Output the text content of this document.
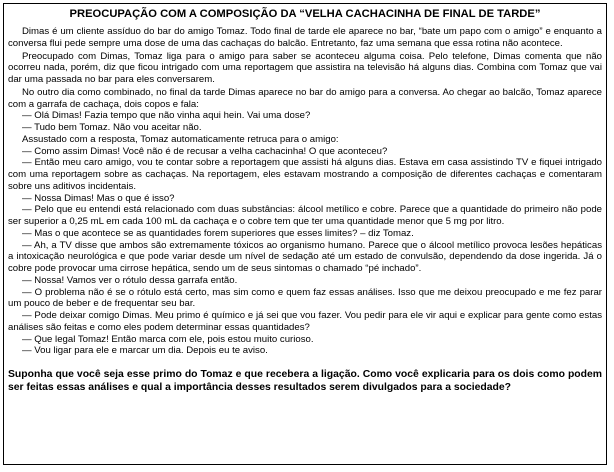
PREOCUPAÇÃO COM A COMPOSIÇÃO DA “VELHA CACHACINHA DE FINAL DE TARDE”

Dimas é um cliente assíduo do bar do amigo Tomaz. Todo final de tarde ele aparece no bar, “bate um papo com o amigo” e enquanto a conversa flui pede sempre uma dose de uma das cachaças do balcão. Entretanto, faz uma semana que essa rotina não acontece.

Preocupado com Dimas, Tomaz liga para o amigo para saber se aconteceu alguma coisa. Pelo telefone, Dimas comenta que não ocorreu nada, porém, diz que ficou intrigado com uma reportagem que assistira na televisão há alguns dias. Combina com Tomaz que vai dar uma passada no bar para eles conversarem.

No outro dia como combinado, no final da tarde Dimas aparece no bar do amigo para a conversa. Ao chegar ao balcão, Tomaz aparece com a garrafa de cachaça, dois copos e fala:

— Olá Dimas! Fazia tempo que não vinha aqui hein. Vai uma dose?

— Tudo bem Tomaz. Não vou aceitar não.

Assustado com a resposta, Tomaz automaticamente retruca para o amigo:

— Como assim Dimas! Você não é de recusar a velha cachacinha! O que aconteceu?

— Então meu caro amigo, vou te contar sobre a reportagem que assisti há alguns dias. Estava em casa assistindo TV e fiquei intrigado com uma reportagem sobre as cachaças. Na reportagem, eles estavam mostrando a composição de diferentes cachaças e comentaram sobre uns aditivos incidentais.

— Nossa Dimas! Mas o que é isso?

— Pelo que eu entendi está relacionado com duas substâncias: álcool metílico e cobre. Parece que a quantidade do primeiro não pode ser superior a 0,25 mL em cada 100 mL da cachaça e o cobre tem que ter uma quantidade menor que 5 mg por litro.

— Mas o que acontece se as quantidades forem superiores que esses limites? – diz Tomaz.

— Ah, a TV disse que ambos são extremamente tóxicos ao organismo humano. Parece que o álcool metílico provoca lesões hepáticas a intoxicação neurológica e que pode variar desde um nível de sedação até um estado de convulsão, dependendo da dose ingerida. Já o cobre pode provocar uma cirrose hepática, sendo um de seus sintomas o chamado “pé inchado”.

— Nossa! Vamos ver o rótulo dessa garrafa então.

— O problema não é se o rótulo está certo, mas sim como e quem faz essas análises. Isso que me deixou preocupado e me fez parar um pouco de beber e de frequentar seu bar.

— Pode deixar comigo Dimas. Meu primo é químico e já sei que vou fazer. Vou pedir para ele vir aqui e explicar para gente como estas análises são feitas e como eles podem determinar essas quantidades?

— Que legal Tomaz! Então marca com ele, pois estou muito curioso.

— Vou ligar para ele e marcar um dia. Depois eu te aviso.

Suponha que você seja esse primo do Tomaz e que recebera a ligação. Como você explicaria para os dois como podem ser feitas essas análises e qual a importância desses resultados serem divulgados para a sociedade?
